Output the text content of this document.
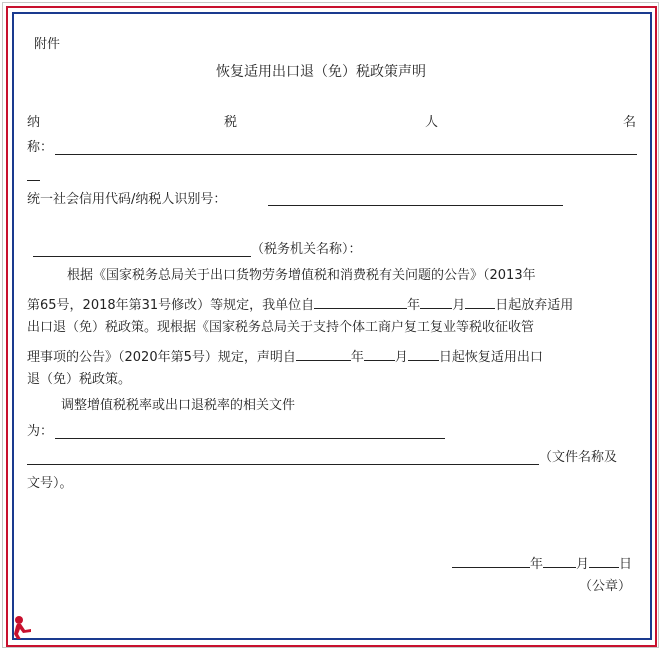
附件
恢复适用出口退（免）税政策声明
纳	税	人	名
称：
统一社会信用代码/纳税人识别号：
（税务机关名称）：
根据《国家税务总局关于出口货物劳务增值税和消费税有关问题的公告》（2013年
第65号，2018年第31号修改）等规定，我单位自	年 月 日起放弃适用
出口退（免）税政策。现根据《国家税务总局关于支持个体工商户复工复业等税收征收管
理事项的公告》（2020年第5号）规定，声明自	年 月 日起恢复适用出口
退（免）税政策。
调整增值税税率或出口退税率的相关文件
为：
（文件名称及
文号）。
年	月 日
（公章）
